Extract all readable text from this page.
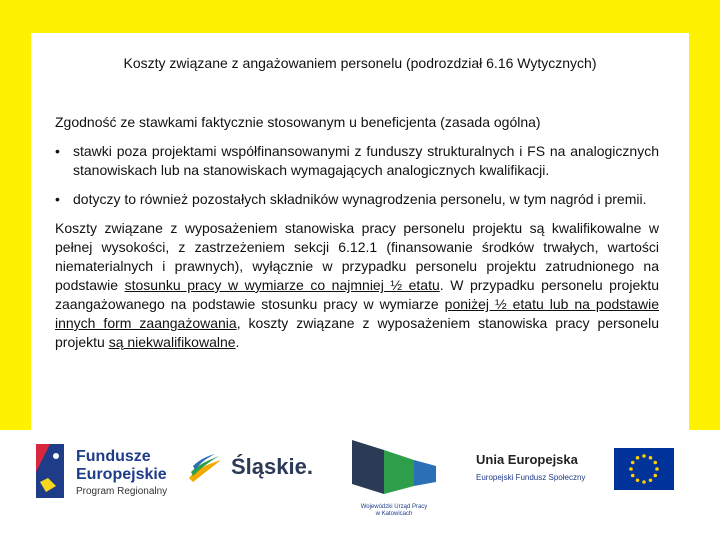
Koszty związane z angażowaniem personelu (podrozdział 6.16 Wytycznych)

Zgodność ze stawkami faktycznie stosowanym u beneficjenta (zasada ogólna)

• stawki poza projektami współfinansowanymi z funduszy strukturalnych i FS na analogicznych stanowiskach lub na stanowiskach wymagających analogicznych kwalifikacji.
• dotyczy to również pozostałych składników wynagrodzenia personelu, w tym nagród i premii.

Koszty związane z wyposażeniem stanowiska pracy personelu projektu są kwalifikowalne w pełnej wysokości, z zastrzeżeniem sekcji 6.12.1 (finansowanie środków trwałych, wartości niematerialnych i prawnych), wyłącznie w przypadku personelu projektu zatrudnionego na podstawie stosunku pracy w wymiarze co najmniej ½ etatu. W przypadku personelu projektu zaangażowanego na podstawie stosunku pracy w wymiarze poniżej ½ etatu lub na podstawie innych form zaangażowania, koszty związane z wyposażeniem stanowiska pracy personelu projektu są niekwalifikowalne.

Fundusze
Europejskie
Program Regionalny
Śląskie.
Wojewódzki Urząd Pracy
w Katowicach
Unia Europejska
Europejski Fundusz Społeczny
